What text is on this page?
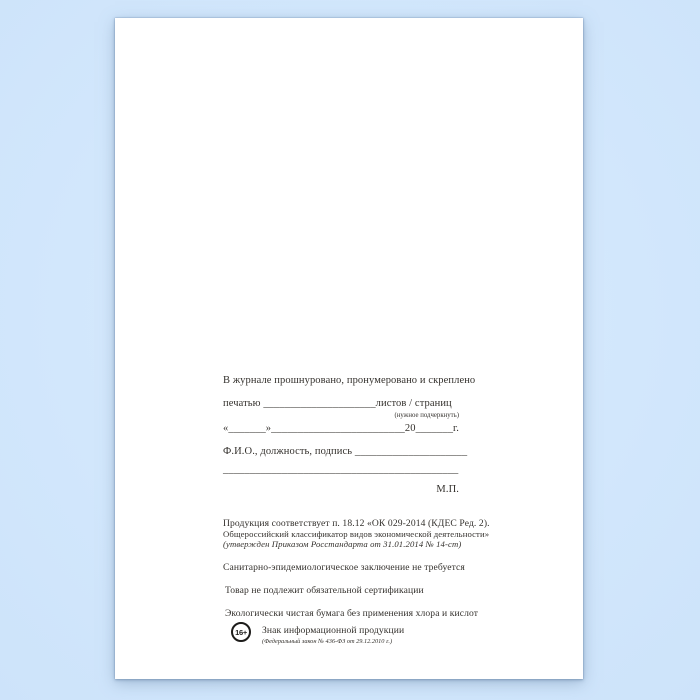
В журнале прошнуровано, пронумеровано и скреплено
печатью _____________________листов / страниц
(нужное подчеркнуть)
«_______»_________________________20_______г.
Ф.И.О., должность, подпись _____________________
____________________________________________
М.П.
Продукция соответствует п. 18.12 «ОК 029-2014 (КДЕС Ред. 2).
Общероссийский классификатор видов экономической деятельности»
(утвержден Приказом Росстандарта от 31.01.2014 № 14-ст)
Санитарно-эпидемиологическое заключение не требуется
Товар не подлежит обязательной сертификации
Экологически чистая бумага без применения хлора и кислот
16+ Знак информационной продукции
(Федеральный закон № 436-ФЗ от 29.12.2010 г.)
